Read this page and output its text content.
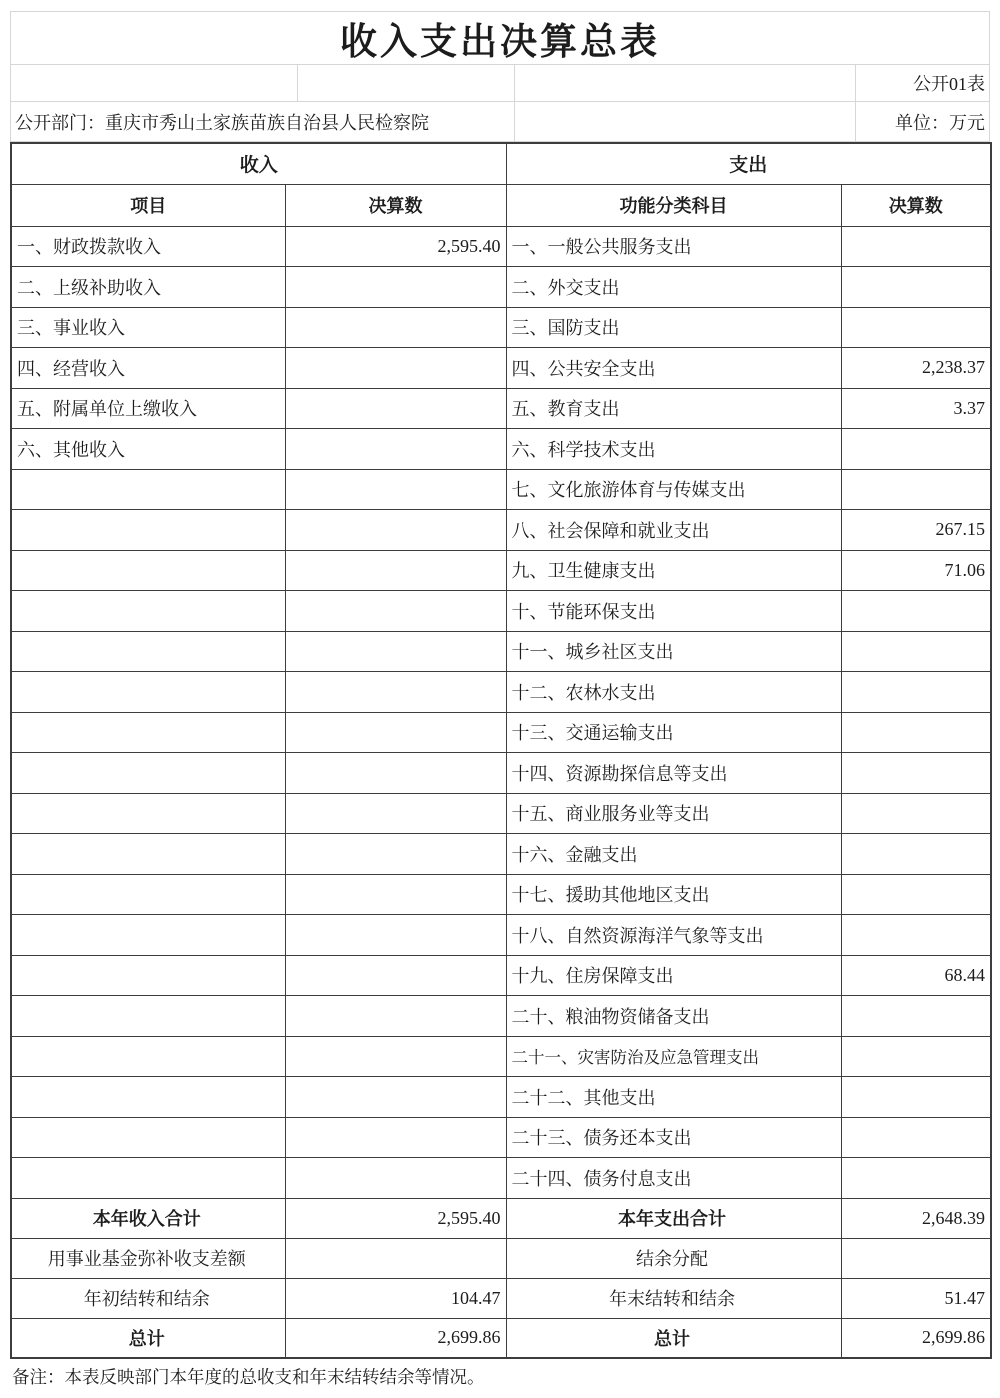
收入支出决算总表
公开01表
公开部门：重庆市秀山土家族苗族自治县人民检察院	单位：万元
收入		支出	
项目	决算数	功能分类科目	决算数
一、财政拨款收入	2,595.40	一、一般公共服务支出	
二、上级补助收入		二、外交支出	
三、事业收入		三、国防支出	
四、经营收入		四、公共安全支出	2,238.37
五、附属单位上缴收入		五、教育支出	3.37
六、其他收入		六、科学技术支出	
		七、文化旅游体育与传媒支出	
		八、社会保障和就业支出	267.15
		九、卫生健康支出	71.06
		十、节能环保支出	
		十一、城乡社区支出	
		十二、农林水支出	
		十三、交通运输支出	
		十四、资源勘探信息等支出	
		十五、商业服务业等支出	
		十六、金融支出	
		十七、援助其他地区支出	
		十八、自然资源海洋气象等支出	
		十九、住房保障支出	68.44
		二十、粮油物资储备支出	
		二十一、灾害防治及应急管理支出	
		二十二、其他支出	
		二十三、债务还本支出	
		二十四、债务付息支出	
本年收入合计	2,595.40	本年支出合计	2,648.39
用事业基金弥补收支差额		结余分配	
年初结转和结余	104.47	年末结转和结余	51.47
总计	2,699.86	总计	2,699.86
备注：本表反映部门本年度的总收支和年末结转结余等情况。
